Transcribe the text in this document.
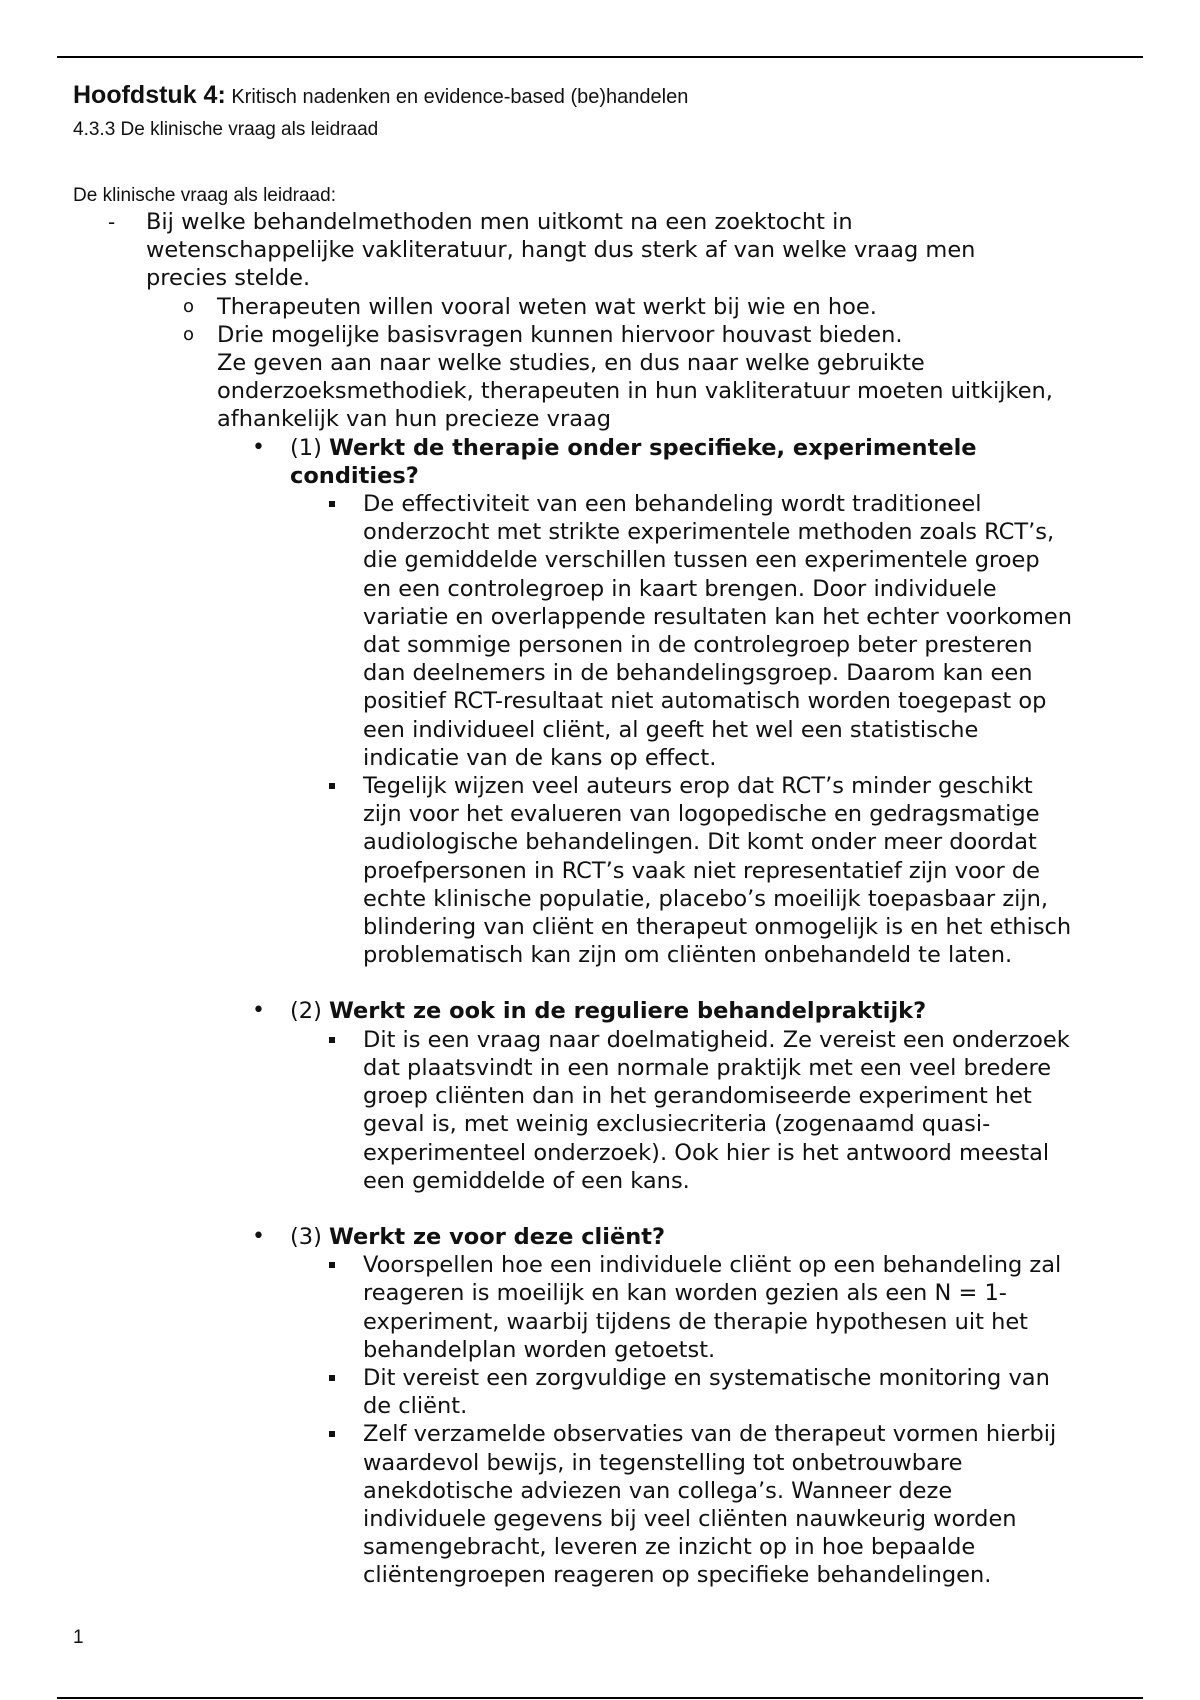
Hoofdstuk 4: Kritisch nadenken en evidence-based (be)handelen
4.3.3 De klinische vraag als leidraad
De klinische vraag als leidraad:
- Bij welke behandelmethoden men uitkomt na een zoektocht in
wetenschappelijke vakliteratuur, hangt dus sterk af van welke vraag men
precies stelde.
o Therapeuten willen vooral weten wat werkt bij wie en hoe.
o Drie mogelijke basisvragen kunnen hiervoor houvast bieden.
Ze geven aan naar welke studies, en dus naar welke gebruikte
onderzoeksmethodiek, therapeuten in hun vakliteratuur moeten uitkijken,
afhankelijk van hun precieze vraag
• (1) Werkt de therapie onder specifieke, experimentele
condities?
De effectiviteit van een behandeling wordt traditioneel
onderzocht met strikte experimentele methoden zoals RCT’s,
die gemiddelde verschillen tussen een experimentele groep
en een controlegroep in kaart brengen. Door individuele
variatie en overlappende resultaten kan het echter voorkomen
dat sommige personen in de controlegroep beter presteren
dan deelnemers in de behandelingsgroep. Daarom kan een
positief RCT-resultaat niet automatisch worden toegepast op
een individueel cliënt, al geeft het wel een statistische
indicatie van de kans op effect.
Tegelijk wijzen veel auteurs erop dat RCT’s minder geschikt
zijn voor het evalueren van logopedische en gedragsmatige
audiologische behandelingen. Dit komt onder meer doordat
proefpersonen in RCT’s vaak niet representatief zijn voor de
echte klinische populatie, placebo’s moeilijk toepasbaar zijn,
blindering van cliënt en therapeut onmogelijk is en het ethisch
problematisch kan zijn om cliënten onbehandeld te laten.
• (2) Werkt ze ook in de reguliere behandelpraktijk?
Dit is een vraag naar doelmatigheid. Ze vereist een onderzoek
dat plaatsvindt in een normale praktijk met een veel bredere
groep cliënten dan in het gerandomiseerde experiment het
geval is, met weinig exclusiecriteria (zogenaamd quasi-
experimenteel onderzoek). Ook hier is het antwoord meestal
een gemiddelde of een kans.
• (3) Werkt ze voor deze cliënt?
Voorspellen hoe een individuele cliënt op een behandeling zal
reageren is moeilijk en kan worden gezien als een N = 1-
experiment, waarbij tijdens de therapie hypothesen uit het
behandelplan worden getoetst.
Dit vereist een zorgvuldige en systematische monitoring van
de cliënt.
Zelf verzamelde observaties van de therapeut vormen hierbij
waardevol bewijs, in tegenstelling tot onbetrouwbare
anekdotische adviezen van collega’s. Wanneer deze
individuele gegevens bij veel cliënten nauwkeurig worden
samengebracht, leveren ze inzicht op in hoe bepaalde
cliëntengroepen reageren op specifieke behandelingen.
1
